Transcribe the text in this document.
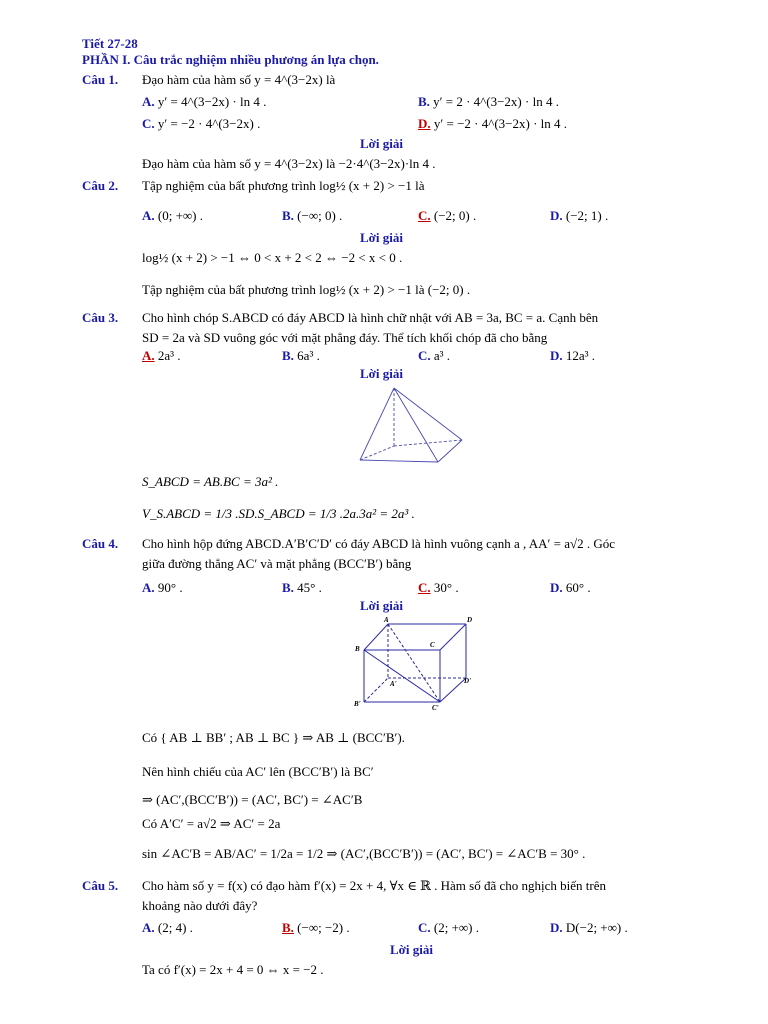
Tiết 27-28
PHẦN I. Câu trắc nghiệm nhiều phương án lựa chọn.
Câu 1. Đạo hàm của hàm số y = 4^(3−2x) là
A. y′ = 4^(3−2x) · ln 4 .	B. y′ = 2 · 4^(3−2x) · ln 4 .
C. y′ = −2 · 4^(3−2x) .	D. y′ = −2 · 4^(3−2x) · ln 4 .
Lời giải
Đạo hàm của hàm số y = 4^(3−2x) là −2·4^(3−2x)·ln 4 .
Câu 2. Tập nghiệm của bất phương trình log½ (x + 2) > −1 là
A. (0; +∞) .	B. (−∞; 0) .	C. (−2; 0) .	D. (−2; 1) .
Lời giải
log½ (x + 2) > −1 ⇔ 0 < x + 2 < 2 ⇔ −2 < x < 0 .
Tập nghiệm của bất phương trình log½ (x + 2) > −1 là (−2; 0) .
Câu 3. Cho hình chóp S.ABCD có đáy ABCD là hình chữ nhật với AB = 3a, BC = a. Cạnh bên
SD = 2a và SD vuông góc với mặt phẳng đáy. Thể tích khối chóp đã cho bằng
A. 2a³ .	B. 6a³ .	C. a³ .	D. 12a³ .
Lời giải
S_ABCD = AB.BC = 3a² .
V_S.ABCD = 1/3 .SD.S_ABCD = 1/3 .2a.3a² = 2a³ .
Câu 4. Cho hình hộp đứng ABCD.A′B′C′D′ có đáy ABCD là hình vuông cạnh a , AA′ = a√2 . Góc
giữa đường thẳng AC′ và mặt phẳng (BCC′B′) bằng
A. 90° .	B. 45° .	C. 30° .	D. 60° .
Lời giải
A	D
B	C
A'	D'
B'	C'
Có { AB ⊥ BB′ ; AB ⊥ BC } ⇒ AB ⊥ (BCC′B′).
Nên hình chiếu của AC′ lên (BCC′B′) là BC′
⇒ (AC′,(BCC′B′)) = (AC′, BC′) = ∠AC′B
Có A′C′ = a√2 ⇒ AC′ = 2a
sin ∠AC′B = AB/AC′ = 1/2a = 1/2 ⇒ (AC′,(BCC′B′)) = (AC′, BC′) = ∠AC′B = 30° .
Câu 5. Cho hàm số y = f(x) có đạo hàm f′(x) = 2x + 4, ∀x ∈ ℝ . Hàm số đã cho nghịch biến trên
khoảng nào dưới đây?
A. (2; 4) .	B. (−∞; −2) .	C. (2; +∞) .	D. D(−2; +∞) .
Lời giải
Ta có f′(x) = 2x + 4 = 0 ⇔ x = −2 .
